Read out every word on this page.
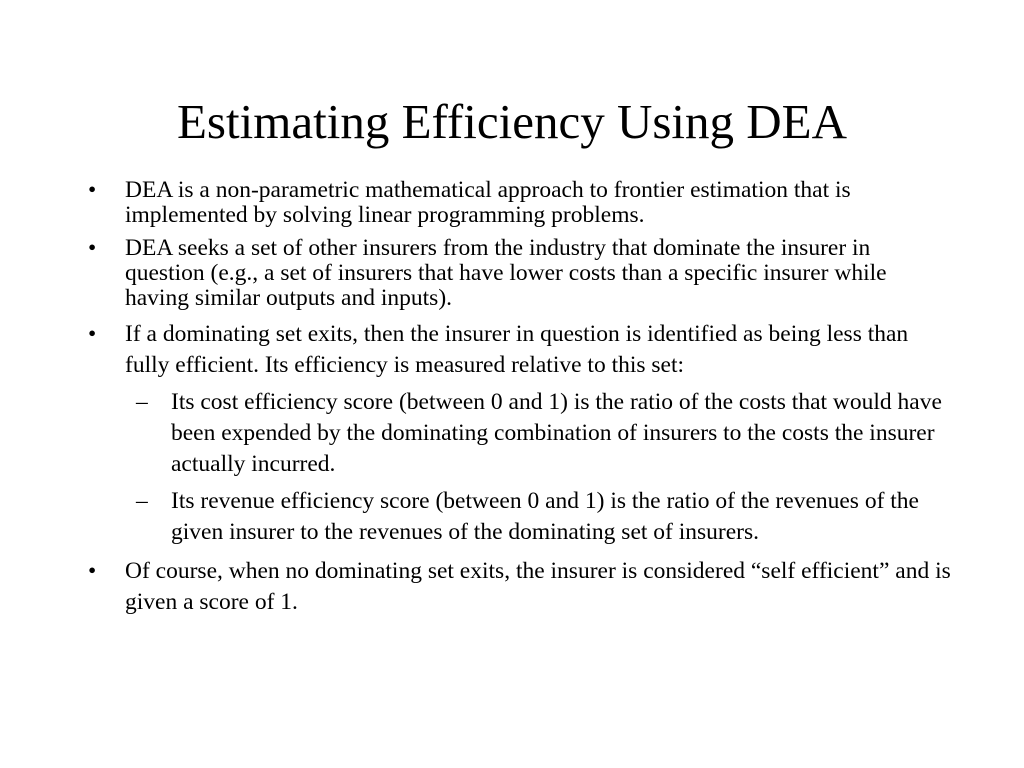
Estimating Efficiency Using DEA
• DEA is a non-parametric mathematical approach to frontier estimation that is implemented by solving linear programming problems.
• DEA seeks a set of other insurers from the industry that dominate the insurer in question (e.g., a set of insurers that have lower costs than a specific insurer while having similar outputs and inputs).
• If a dominating set exits, then the insurer in question is identified as being less than fully efficient. Its efficiency is measured relative to this set:
– Its cost efficiency score (between 0 and 1) is the ratio of the costs that would have been expended by the dominating combination of insurers to the costs the insurer actually incurred.
– Its revenue efficiency score (between 0 and 1) is the ratio of the revenues of the given insurer to the revenues of the dominating set of insurers.
• Of course, when no dominating set exits, the insurer is considered “self efficient” and is given a score of 1.
